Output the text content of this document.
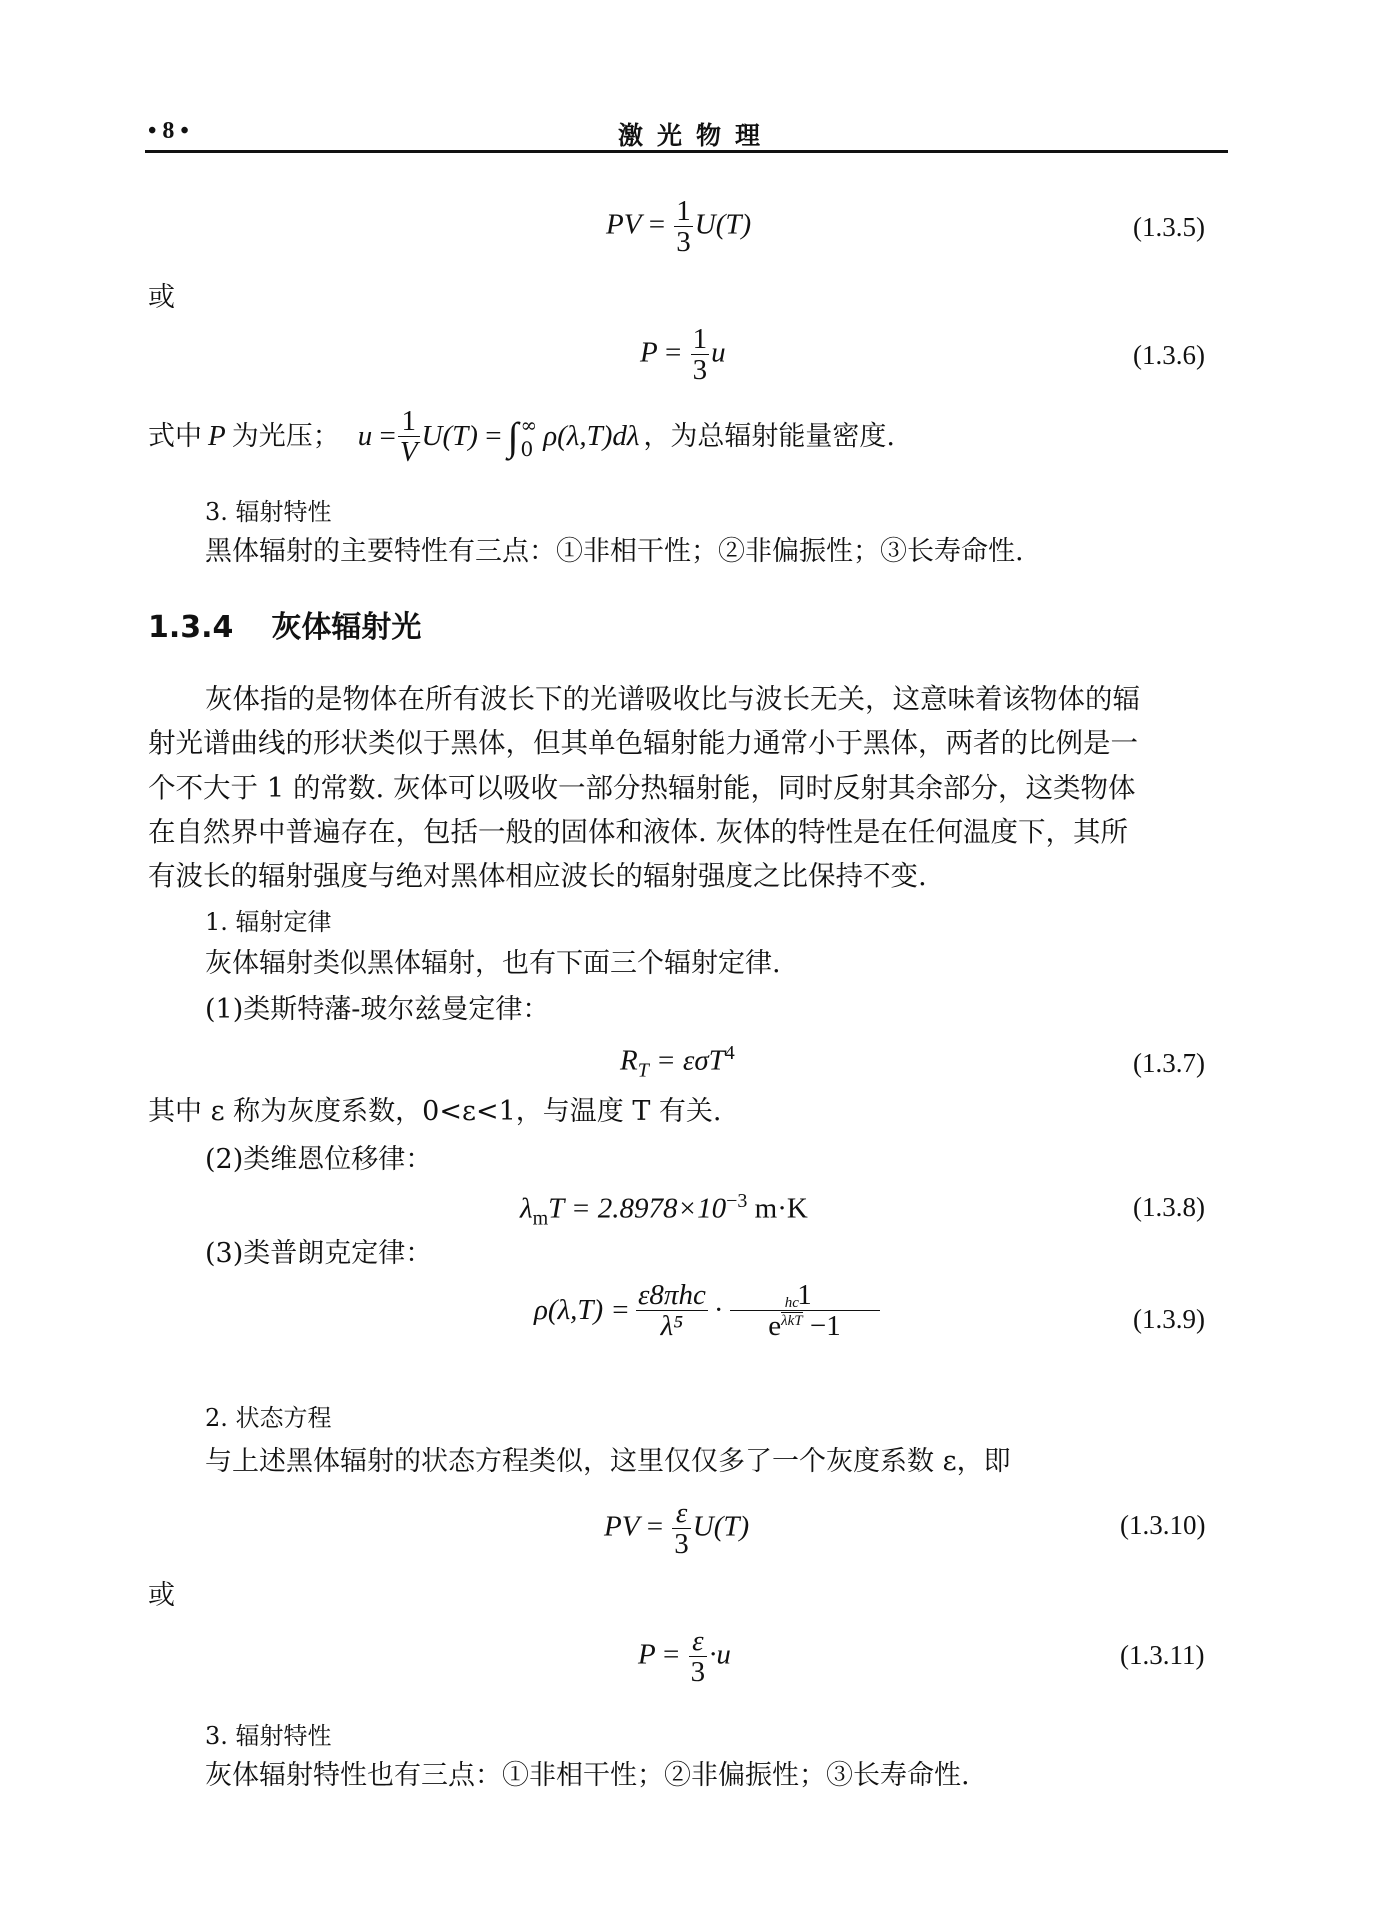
• 8 •	激光物理
PV = $\frac{1}{3} U(T)$	(1.3.5)
或
$P = \frac{1}{3}$ u	(1.3.6)
式中 P 为光压； $u = \frac{1}{V} U(T)$ = ∫ ∞
0 ρ(λ,T)dλ ，为总辐射能量密度.
3. 辐射特性
黑体辐射的主要特性有三点：①非相干性；②非偏振性；③长寿命性.
1.3.4 灰体辐射光
灰体指的是物体在所有波长下的光谱吸收比与波长无关，这意味着该物体的辐
射光谱曲线的形状类似于黑体，但其单色辐射能力通常小于黑体，两者的比例是一
个不大于 1 的常数. 灰体可以吸收一部分热辐射能，同时反射其余部分，这类物体
在自然界中普遍存在，包括一般的固体和液体. 灰体的特性是在任何温度下，其所
有波长的辐射强度与绝对黑体相应波长的辐射强度之比保持不变.
1. 辐射定律
灰体辐射类似黑体辐射，也有下面三个辐射定律.
(1)类斯特藩-玻尔兹曼定律：
$R_T = \varepsilon\sigma T^4$	(1.3.7)
其中 ε 称为灰度系数，0<ε<1，与温度 T 有关.
(2)类维恩位移律：
$\lambda_mT = 2.8978\times 10^{-3}$ m·K	(1.3.8)
(3)类普朗克定律：
$\rho(\lambda,T) = \frac{\text{ε8πhc}}{\text{λ⁵}} \cdot 1$
e
hc
λkT −1	(1.3.9)
2. 状态方程
与上述黑体辐射的状态方程类似，这里仅仅多了一个灰度系数 ε，即
PV = $\frac{\varepsilon}{3} U(T)$	(1.3.10)
或
$P = \frac{\varepsilon}{3} \cdot u$	(1.3.11)
3. 辐射特性
灰体辐射特性也有三点：①非相干性；②非偏振性；③长寿命性.
